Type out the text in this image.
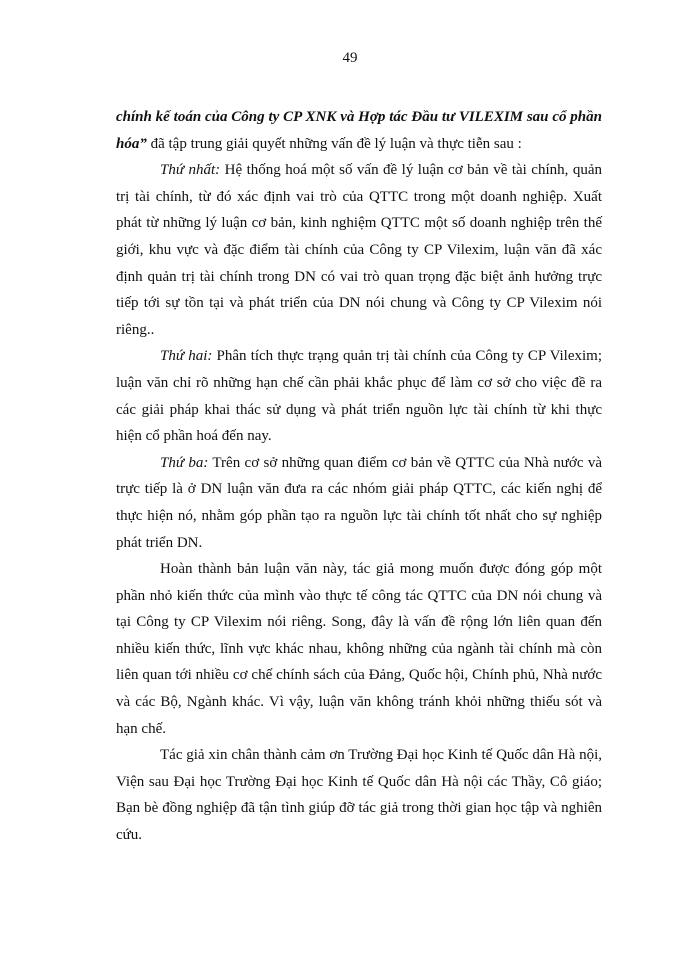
49

chính kế toán của Công ty CP XNK và Hợp tác Đầu tư VILEXIM sau cổ phần hóa” đã tập trung giải quyết những vấn đề lý luận và thực tiễn sau :

Thứ nhất: Hệ thống hoá một số vấn đề lý luận cơ bản về tài chính, quản trị tài chính, từ đó xác định vai trò của QTTC trong một doanh nghiệp. Xuất phát từ những lý luận cơ bản, kinh nghiệm QTTC một số doanh nghiệp trên thế giới, khu vực và đặc điểm tài chính của Công ty CP Vilexim, luận văn đã xác định quản trị tài chính trong DN có vai trò quan trọng đặc biệt ảnh hưởng trực tiếp tới sự tồn tại và phát triển của DN nói chung và Công ty CP Vilexim nói riêng..

Thứ hai: Phân tích thực trạng quản trị tài chính của Công ty CP Vilexim; luận văn chỉ rõ những hạn chế cần phải khắc phục để làm cơ sở cho việc đề ra các giải pháp khai thác sử dụng và phát triển nguồn lực tài chính từ khi thực hiện cổ phần hoá đến nay.

Thứ ba: Trên cơ sở những quan điểm cơ bản về QTTC của Nhà nước và trực tiếp là ở DN luận văn đưa ra các nhóm giải pháp QTTC, các kiến nghị để thực hiện nó, nhằm góp phần tạo ra nguồn lực tài chính tốt nhất cho sự nghiệp phát triển DN.

Hoàn thành bản luận văn này, tác giả mong muốn được đóng góp một phần nhỏ kiến thức của mình vào thực tế công tác QTTC của DN nói chung và tại Công ty CP Vilexim nói riêng. Song, đây là vấn đề rộng lớn liên quan đến nhiều kiến thức, lĩnh vực khác nhau, không những của ngành tài chính mà còn liên quan tới nhiều cơ chế chính sách của Đảng, Quốc hội, Chính phủ, Nhà nước và các Bộ, Ngành khác. Vì vậy, luận văn không tránh khỏi những thiếu sót và hạn chế.

Tác giả xin chân thành cảm ơn Trường Đại học Kinh tế Quốc dân Hà nội, Viện sau Đại học Trường Đại học Kinh tế Quốc dân Hà nội các Thầy, Cô giáo; Bạn bè đồng nghiệp đã tận tình giúp đỡ tác giả trong thời gian học tập và nghiên cứu.
